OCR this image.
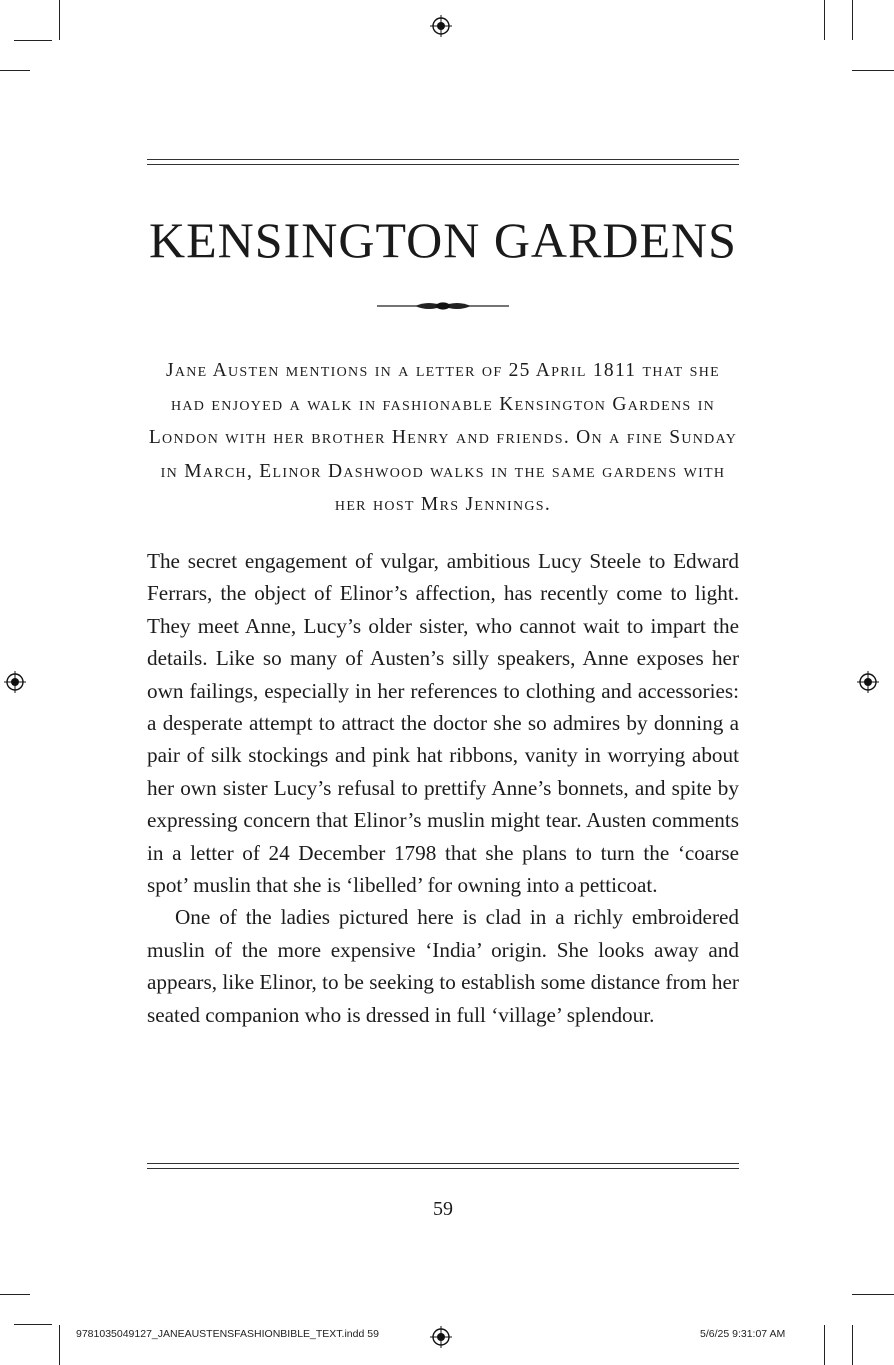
KENSINGTON GARDENS

Jane Austen mentions in a letter of 25 April 1811 that she had enjoyed a walk in fashionable Kensington Gardens in London with her brother Henry and friends. On a fine Sunday in March, Elinor Dashwood walks in the same gardens with her host Mrs Jennings.

The secret engagement of vulgar, ambitious Lucy Steele to Edward Ferrars, the object of Elinor’s affection, has recently come to light. They meet Anne, Lucy’s older sister, who cannot wait to impart the details. Like so many of Austen’s silly speakers, Anne exposes her own failings, especially in her references to clothing and accessories: a desperate attempt to attract the doctor she so admires by donning a pair of silk stockings and pink hat ribbons, vanity in worrying about her own sister Lucy’s refusal to prettify Anne’s bonnets, and spite by expressing concern that Elinor’s muslin might tear. Austen comments in a letter of 24 December 1798 that she plans to turn the ‘coarse spot’ muslin that she is ‘libelled’ for owning into a petticoat.

One of the ladies pictured here is clad in a richly embroidered muslin of the more expensive ‘India’ origin. She looks away and appears, like Elinor, to be seeking to establish some distance from her seated companion who is dressed in full ‘village’ splendour.

59
9781035049127_JANEAUSTENSFASHIONBIBLE_TEXT.indd 59	5/6/25 9:31:07 AM
